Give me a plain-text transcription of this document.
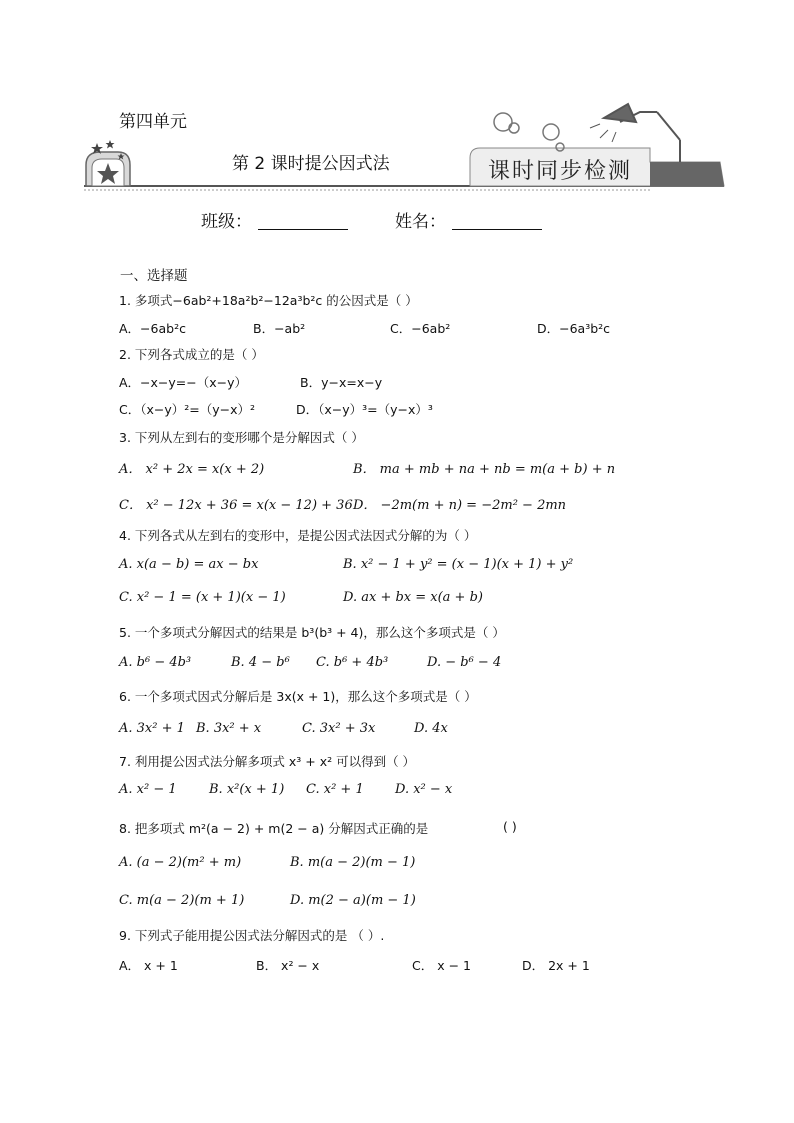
第四单元
第 2 课时提公因式法	课时同步检测
班级：	姓名：
一、选择题
1. 多项式−6ab²+18a²b²−12a³b²c 的公因式是（ ）
A．−6ab²c	B．−ab²	C．−6ab²	D．−6a³b²c
2. 下列各式成立的是（ ）
A．−x−y=−（x−y）	B．y−x=x−y
C．（x−y）²=（y−x）²	D．（x−y）³=（y−x）³
3. 下列从左到右的变形哪个是分解因式（ ）
A． x² + 2x = x(x + 2)	B． ma + mb + na + nb = m(a + b) + n
C． x² − 12x + 36 = x(x − 12) + 36 D． −2m(m + n) = −2m² − 2mn
4. 下列各式从左到右的变形中，是提公因式法因式分解的为（ ）
A. x(a − b) = ax − bx	B. x² − 1 + y² = (x − 1)(x + 1) + y²
C. x² − 1 = (x + 1)(x − 1)	D. ax + bx = x(a + b)
5. 一个多项式分解因式的结果是 b³(b³ + 4)，那么这个多项式是（ ）
A. b⁶ − 4b³	B. 4 − b⁶ C. b⁶ + 4b³	D. − b⁶ − 4
6. 一个多项式因式分解后是 3x(x + 1)，那么这个多项式是（ ）
A. 3x² + 1 B. 3x² + x	C. 3x² + 3x	D. 4x
7. 利用提公因式法分解多项式 x³ + x² 可以得到（ ）
A. x² − 1 B. x²(x + 1) C. x² + 1 D. x² − x
8. 把多项式 m²(a − 2) + m(2 − a) 分解因式正确的是	( )
A. (a − 2)(m² + m)	B. m(a − 2)(m − 1)
C. m(a − 2)(m + 1)	D. m(2 − a)(m − 1)
9. 下列式子能用提公因式法分解因式的是 （ ）.
A． x + 1	B． x² − x	C． x − 1	D． 2x + 1
